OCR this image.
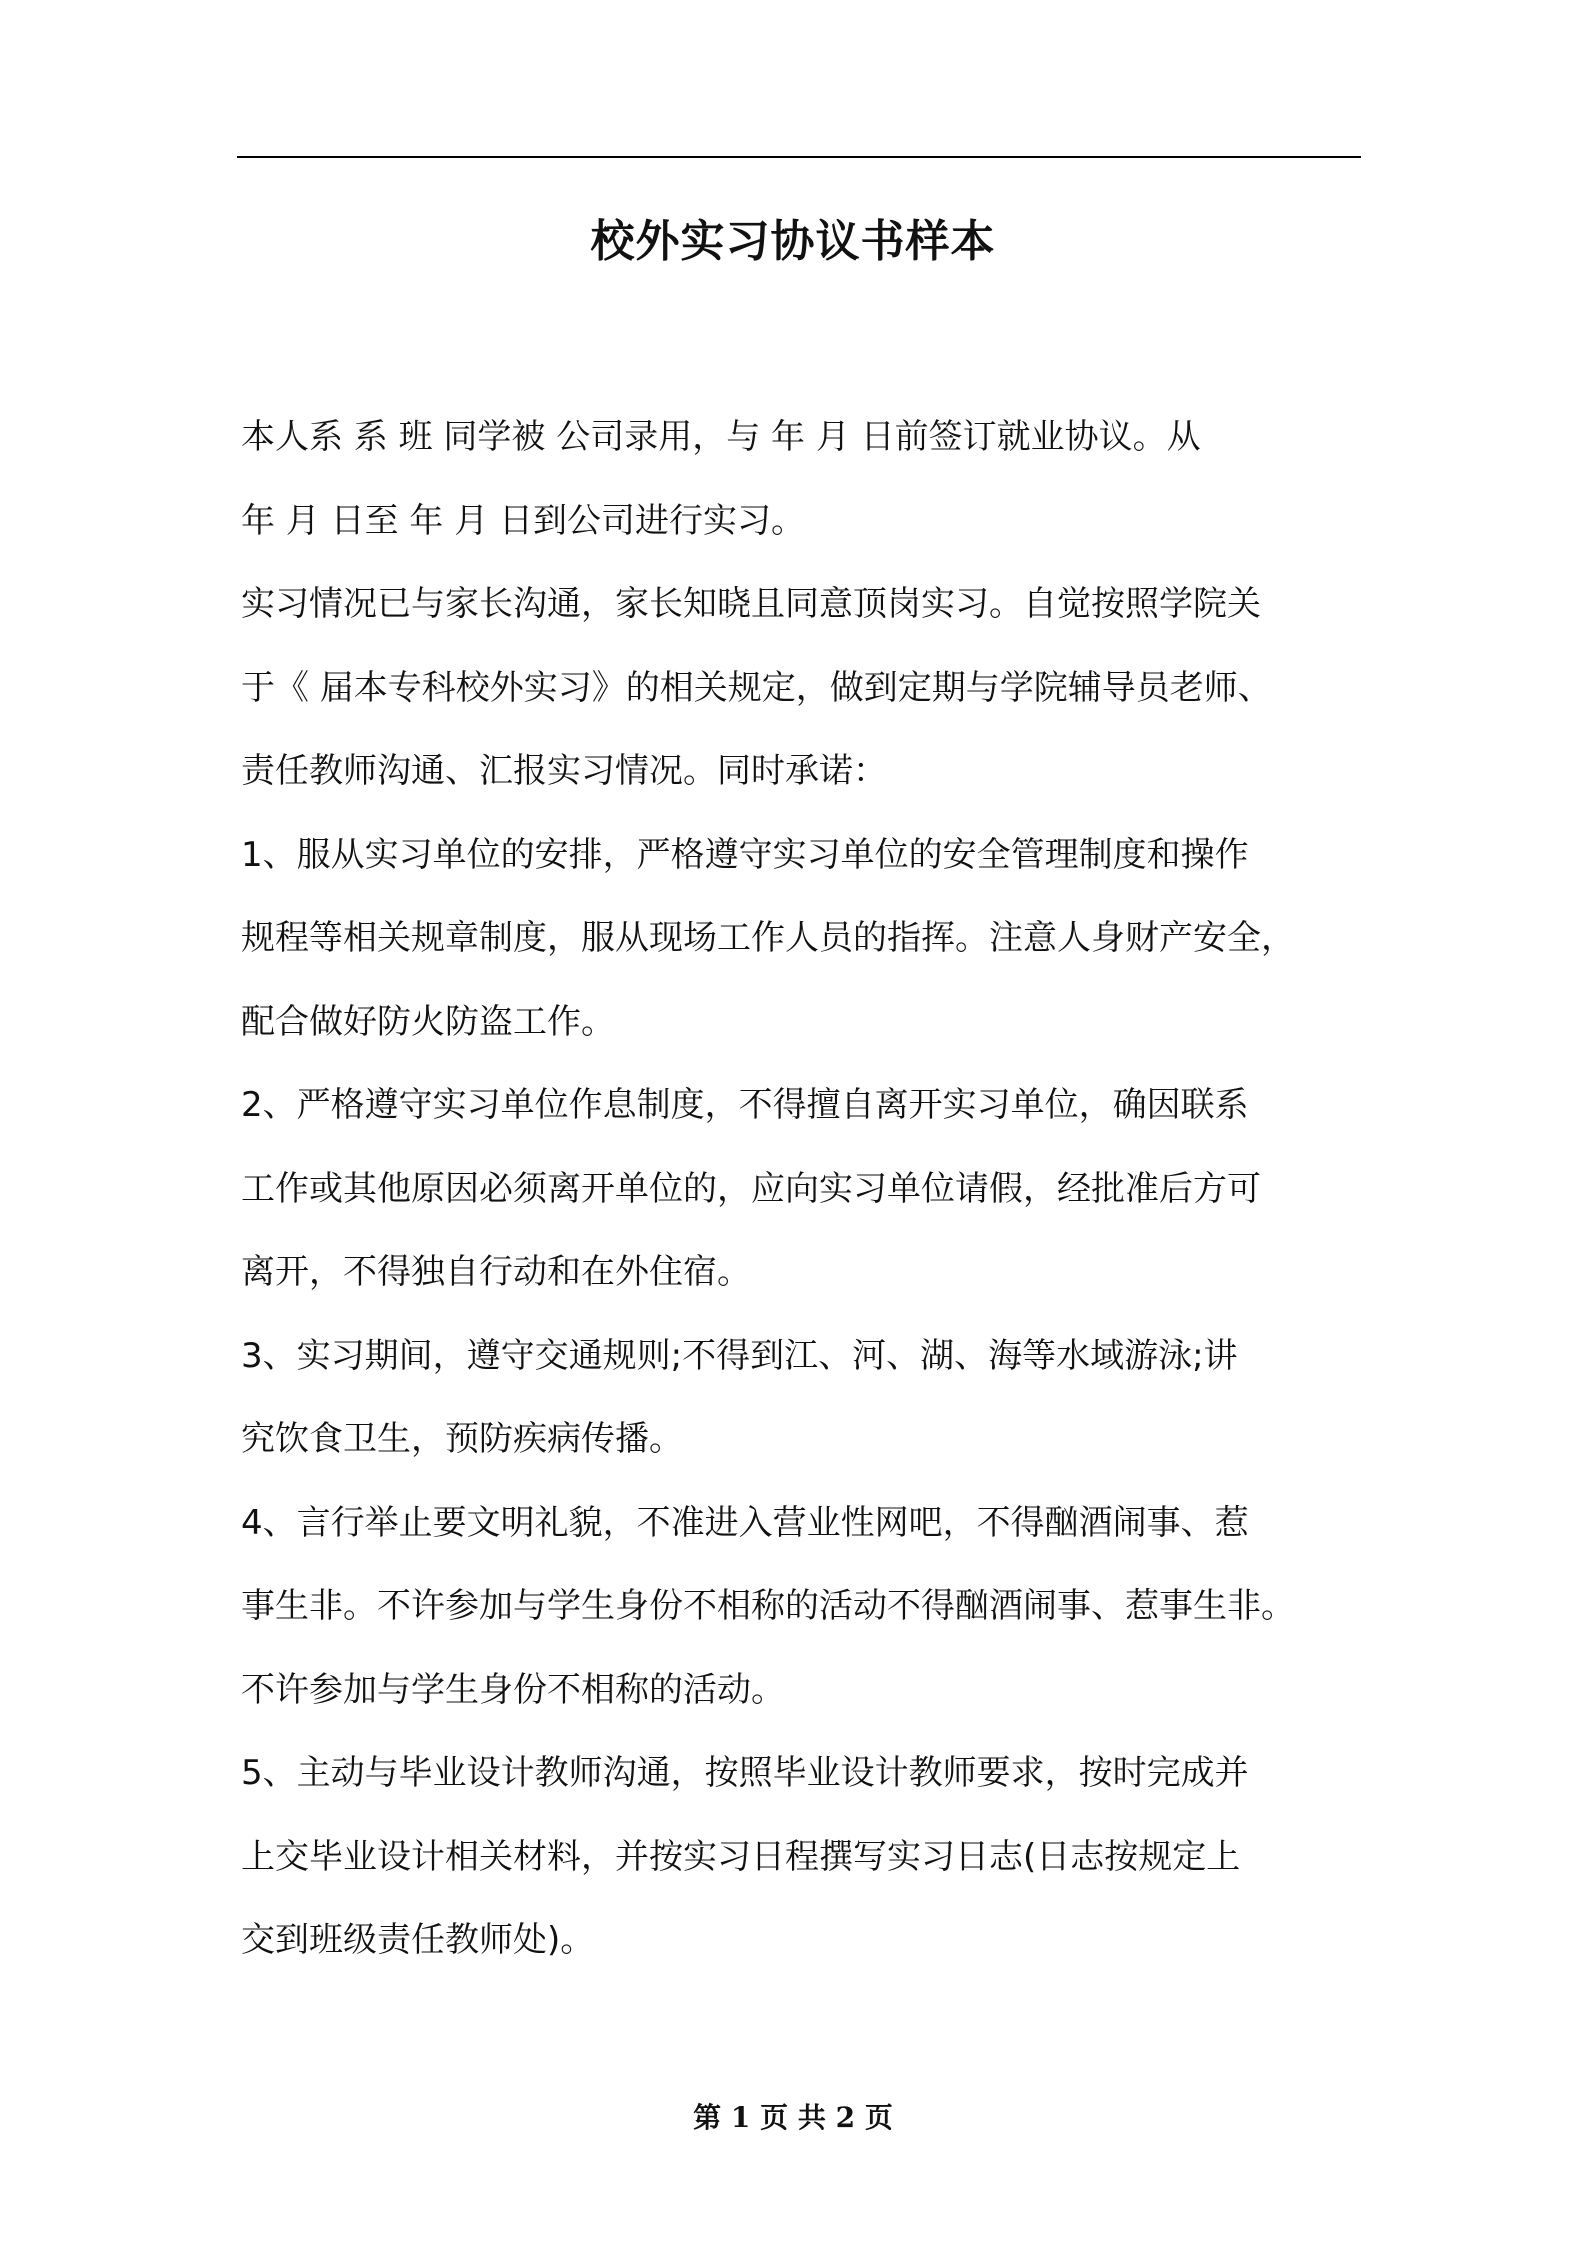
校外实习协议书样本
本人系 系 班 同学被 公司录用，与 年 月 日前签订就业协议。从
年 月 日至 年 月 日到公司进行实习。
实习情况已与家长沟通，家长知晓且同意顶岗实习。自觉按照学院关
于《 届本专科校外实习》的相关规定，做到定期与学院辅导员老师、
责任教师沟通、汇报实习情况。同时承诺：
1、服从实习单位的安排，严格遵守实习单位的安全管理制度和操作
规程等相关规章制度，服从现场工作人员的指挥。注意人身财产安全，
配合做好防火防盗工作。
2、严格遵守实习单位作息制度，不得擅自离开实习单位，确因联系
工作或其他原因必须离开单位的，应向实习单位请假，经批准后方可
离开，不得独自行动和在外住宿。
3、实习期间，遵守交通规则;不得到江、河、湖、海等水域游泳;讲
究饮食卫生，预防疾病传播。
4、言行举止要文明礼貌，不准进入营业性网吧，不得酗酒闹事、惹
事生非。不许参加与学生身份不相称的活动不得酗酒闹事、惹事生非。
不许参加与学生身份不相称的活动。
5、主动与毕业设计教师沟通，按照毕业设计教师要求，按时完成并
上交毕业设计相关材料，并按实习日程撰写实习日志(日志按规定上
交到班级责任教师处)。
第 1 页 共 2 页
